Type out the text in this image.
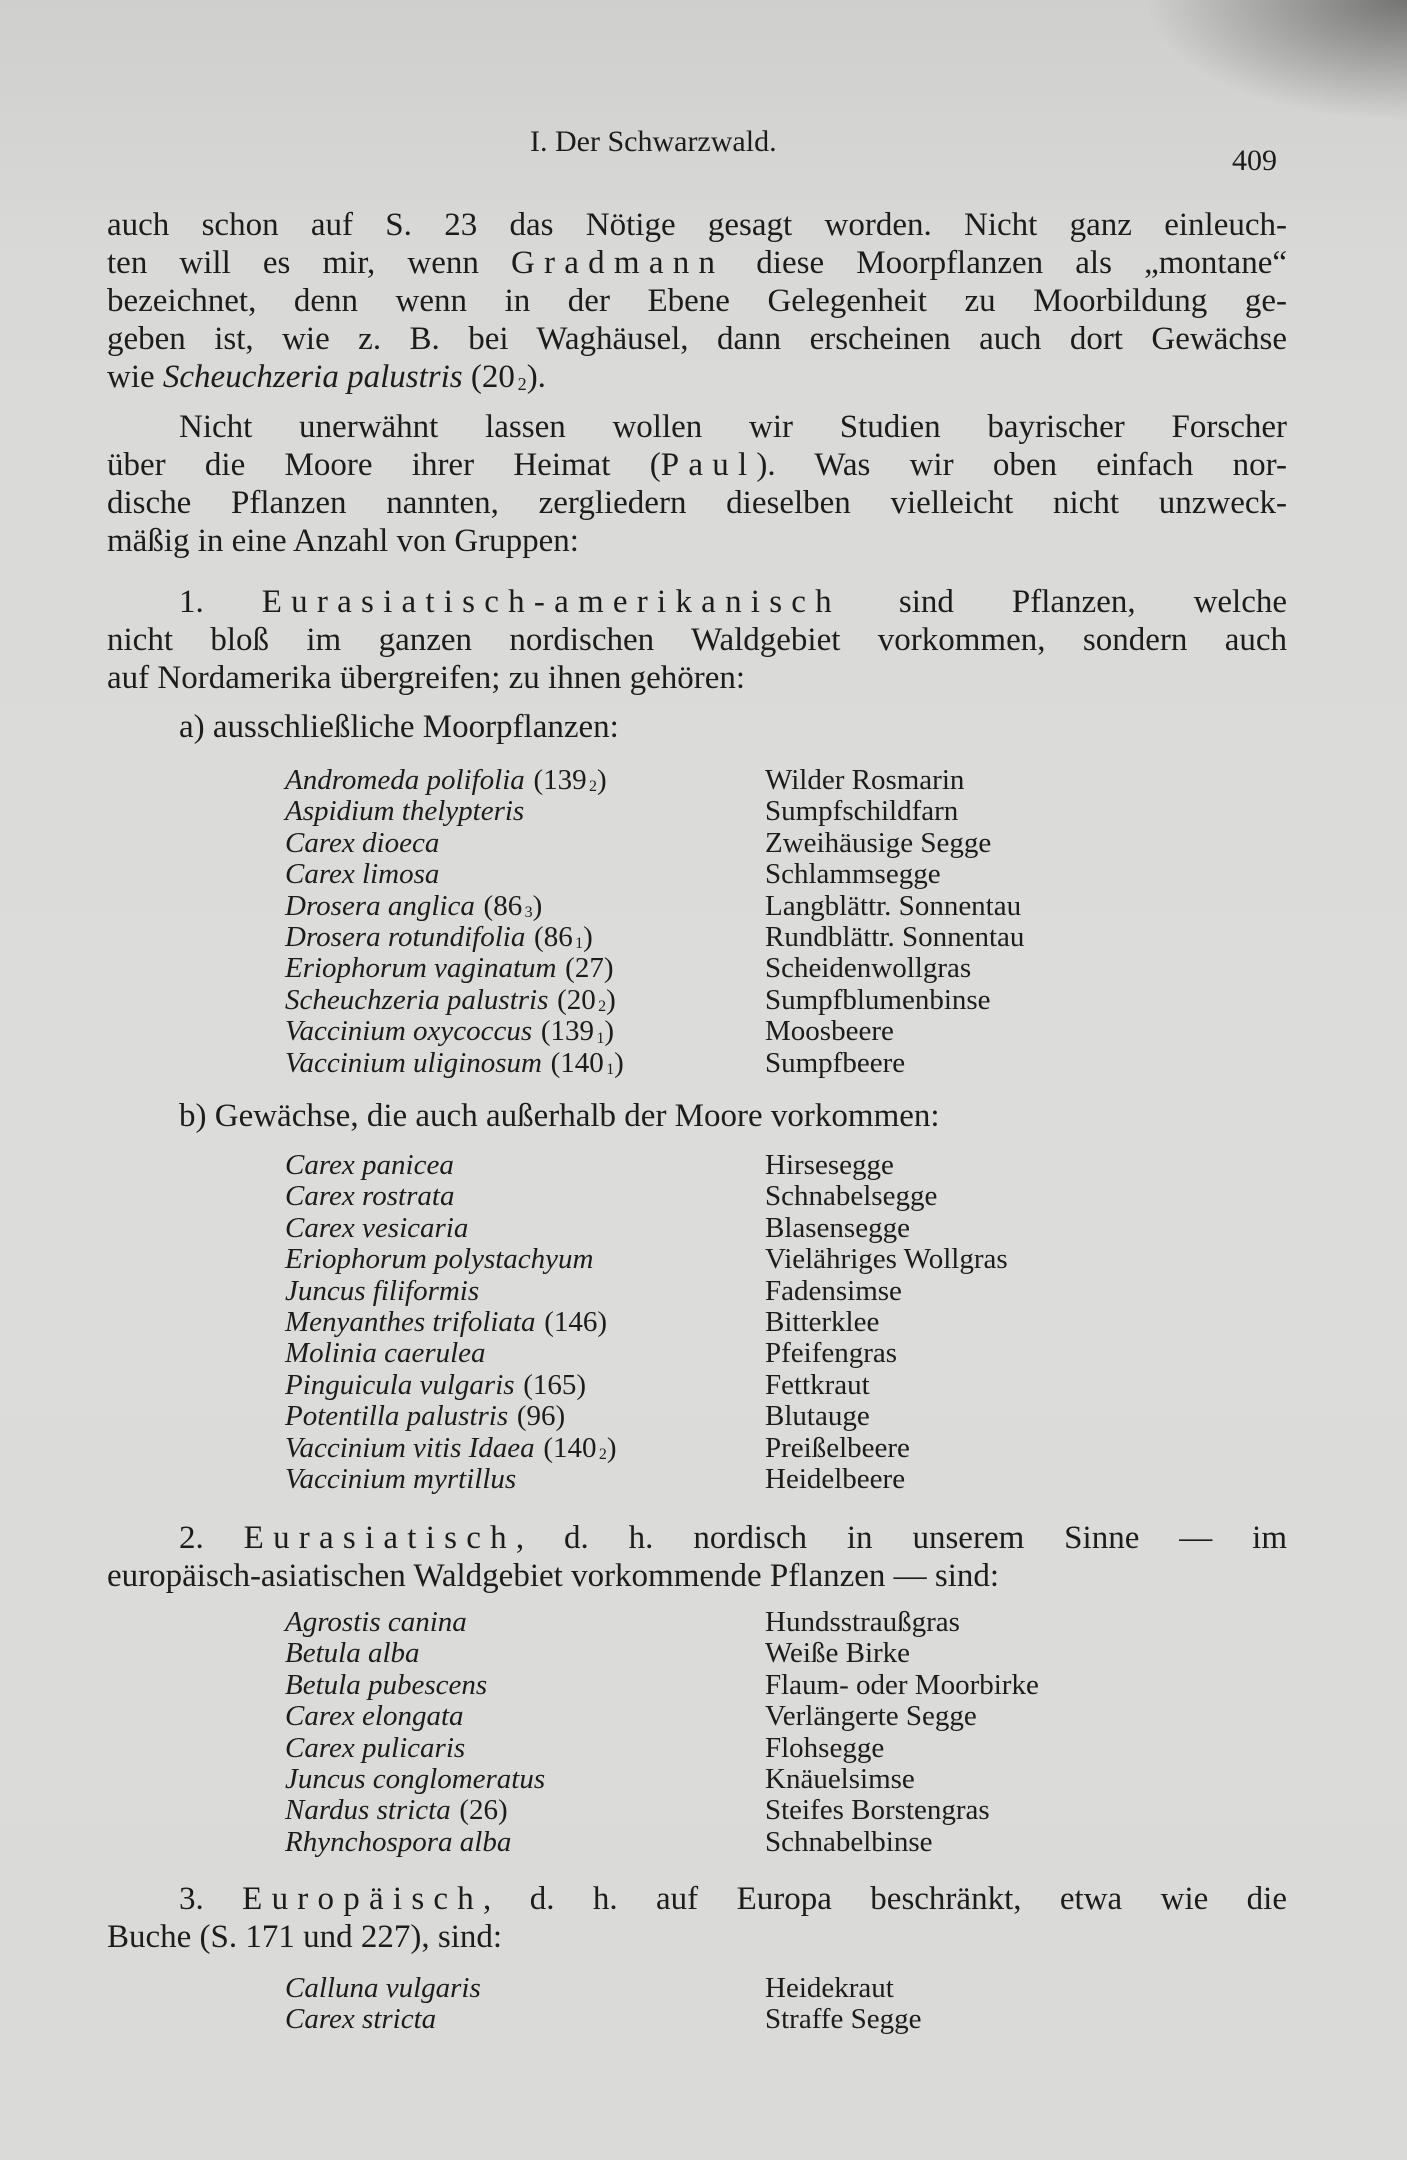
I. Der Schwarzwald.
409
auch schon auf S. 23 das Nötige gesagt worden. Nicht ganz einleuch-
ten will es mir, wenn Gradmann diese Moorpflanzen als „montane“
bezeichnet, denn wenn in der Ebene Gelegenheit zu Moorbildung ge-
geben ist, wie z. B. bei Waghäusel, dann erscheinen auch dort Gewächse
wie Scheuchzeria palustris (20 2).
Nicht unerwähnt lassen wollen wir Studien bayrischer Forscher
über die Moore ihrer Heimat (Paul). Was wir oben einfach nor-
dische Pflanzen nannten, zergliedern dieselben vielleicht nicht unzweck-
mäßig in eine Anzahl von Gruppen:
1. Eurasiatisch-amerikanisch sind Pflanzen, welche
nicht bloß im ganzen nordischen Waldgebiet vorkommen, sondern auch
auf Nordamerika übergreifen; zu ihnen gehören:
a) ausschließliche Moorpflanzen:
Andromeda polifolia (139 2)	Wilder Rosmarin
Aspidium thelypteris	Sumpfschildfarn
Carex dioeca	Zweihäusige Segge
Carex limosa	Schlammsegge
Drosera anglica (86 3)	Langblättr. Sonnentau
Drosera rotundifolia (86 1)	Rundblättr. Sonnentau
Eriophorum vaginatum (27)	Scheidenwollgras
Scheuchzeria palustris (20 2)	Sumpfblumenbinse
Vaccinium oxycoccus (139 1)	Moosbeere
Vaccinium uliginosum (140 1)	Sumpfbeere
b) Gewächse, die auch außerhalb der Moore vorkommen:
Carex panicea	Hirsesegge
Carex rostrata	Schnabelsegge
Carex vesicaria	Blasensegge
Eriophorum polystachyum	Vielähriges Wollgras
Juncus filiformis	Fadensimse
Menyanthes trifoliata (146)	Bitterklee
Molinia caerulea	Pfeifengras
Pinguicula vulgaris (165)	Fettkraut
Potentilla palustris (96)	Blutauge
Vaccinium vitis Idaea (140 2)	Preißelbeere
Vaccinium myrtillus	Heidelbeere
2. Eurasiatisch, d. h. nordisch in unserem Sinne — im
europäisch-asiatischen Waldgebiet vorkommende Pflanzen — sind:
Agrostis canina	Hundsstraußgras
Betula alba	Weiße Birke
Betula pubescens	Flaum- oder Moorbirke
Carex elongata	Verlängerte Segge
Carex pulicaris	Flohsegge
Juncus conglomeratus	Knäuelsimse
Nardus stricta (26)	Steifes Borstengras
Rhynchospora alba	Schnabelbinse
3. Europäisch, d. h. auf Europa beschränkt, etwa wie die
Buche (S. 171 und 227), sind:
Calluna vulgaris	Heidekraut
Carex stricta	Straffe Segge
